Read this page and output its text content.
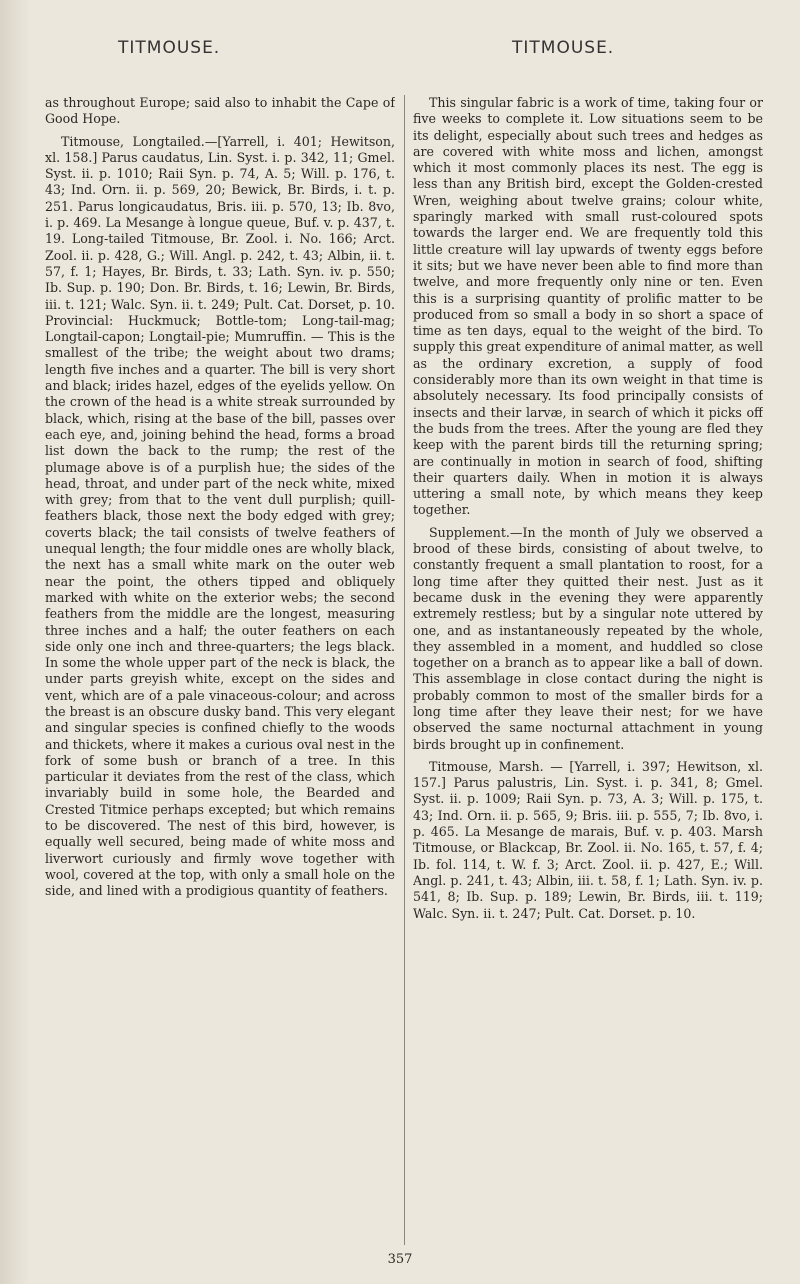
TITMOUSE.	TITMOUSE.

as throughout Europe; said also to inhabit the Cape of Good Hope.

Titmouse, Longtailed.—[Yarrell, i. 401; Hewitson, xl. 158.] Parus caudatus, Lin. Syst. i. p. 342, 11; Gmel. Syst. ii. p. 1010; Raii Syn. p. 74, A. 5; Will. p. 176, t. 43; Ind. Orn. ii. p. 569, 20; Bewick, Br. Birds, i. t. p. 251. Parus longicaudatus, Bris. iii. p. 570, 13; Ib. 8vo, i. p. 469. La Mesange à longue queue, Buf. v. p. 437, t. 19. Long-tailed Titmouse, Br. Zool. i. No. 166; Arct. Zool. ii. p. 428, G.; Will. Angl. p. 242, t. 43; Albin, ii. t. 57, f. 1; Hayes, Br. Birds, t. 33; Lath. Syn. iv. p. 550; Ib. Sup. p. 190; Don. Br. Birds, t. 16; Lewin, Br. Birds, iii. t. 121; Walc. Syn. ii. t. 249; Pult. Cat. Dorset, p. 10. Provincial: Huckmuck; Bottle-tom; Long-tail-mag; Longtail-capon; Longtail-pie; Mumruffin. — This is the smallest of the tribe; the weight about two drams; length five inches and a quarter. The bill is very short and black; irides hazel, edges of the eyelids yellow. On the crown of the head is a white streak surrounded by black, which, rising at the base of the bill, passes over each eye, and, joining behind the head, forms a broad list down the back to the rump; the rest of the plumage above is of a purplish hue; the sides of the head, throat, and under part of the neck white, mixed with grey; from that to the vent dull purplish; quill-feathers black, those next the body edged with grey; coverts black; the tail consists of twelve feathers of unequal length; the four middle ones are wholly black, the next has a small white mark on the outer web near the point, the others tipped and obliquely marked with white on the exterior webs; the second feathers from the middle are the longest, measuring three inches and a half; the outer feathers on each side only one inch and three-quarters; the legs black. In some the whole upper part of the neck is black, the under parts greyish white, except on the sides and vent, which are of a pale vinaceous-colour; and across the breast is an obscure dusky band. This very elegant and singular species is confined chiefly to the woods and thickets, where it makes a curious oval nest in the fork of some bush or branch of a tree. In this particular it deviates from the rest of the class, which invariably build in some hole, the Bearded and Crested Titmice perhaps excepted; but which remains to be discovered. The nest of this bird, however, is equally well secured, being made of white moss and liverwort curiously and firmly wove together with wool, covered at the top, with only a small hole on the side, and lined with a prodigious quantity of feathers.

This singular fabric is a work of time, taking four or five weeks to complete it. Low situations seem to be its delight, especially about such trees and hedges as are covered with white moss and lichen, amongst which it most commonly places its nest. The egg is less than any British bird, except the Golden-crested Wren, weighing about twelve grains; colour white, sparingly marked with small rust-coloured spots towards the larger end. We are frequently told this little creature will lay upwards of twenty eggs before it sits; but we have never been able to find more than twelve, and more frequently only nine or ten. Even this is a surprising quantity of prolific matter to be produced from so small a body in so short a space of time as ten days, equal to the weight of the bird. To supply this great expenditure of animal matter, as well as the ordinary excretion, a supply of food considerably more than its own weight in that time is absolutely necessary. Its food principally consists of insects and their larvæ, in search of which it picks off the buds from the trees. After the young are fled they keep with the parent birds till the returning spring; are continually in motion in search of food, shifting their quarters daily. When in motion it is always uttering a small note, by which means they keep together.

Supplement.—In the month of July we observed a brood of these birds, consisting of about twelve, to constantly frequent a small plantation to roost, for a long time after they quitted their nest. Just as it became dusk in the evening they were apparently extremely restless; but by a singular note uttered by one, and as instantaneously repeated by the whole, they assembled in a moment, and huddled so close together on a branch as to appear like a ball of down. This assemblage in close contact during the night is probably common to most of the smaller birds for a long time after they leave their nest; for we have observed the same nocturnal attachment in young birds brought up in confinement.

Titmouse, Marsh. — [Yarrell, i. 397; Hewitson, xl. 157.] Parus palustris, Lin. Syst. i. p. 341, 8; Gmel. Syst. ii. p. 1009; Raii Syn. p. 73, A. 3; Will. p. 175, t. 43; Ind. Orn. ii. p. 565, 9; Bris. iii. p. 555, 7; Ib. 8vo, i. p. 465. La Mesange de marais, Buf. v. p. 403. Marsh Titmouse, or Blackcap, Br. Zool. ii. No. 165, t. 57, f. 4; Ib. fol. 114, t. W. f. 3; Arct. Zool. ii. p. 427, E.; Will. Angl. p. 241, t. 43; Albin, iii. t. 58, f. 1; Lath. Syn. iv. p. 541, 8; Ib. Sup. p. 189; Lewin, Br. Birds, iii. t. 119; Walc. Syn. ii. t. 247; Pult. Cat. Dorset. p. 10.

357
